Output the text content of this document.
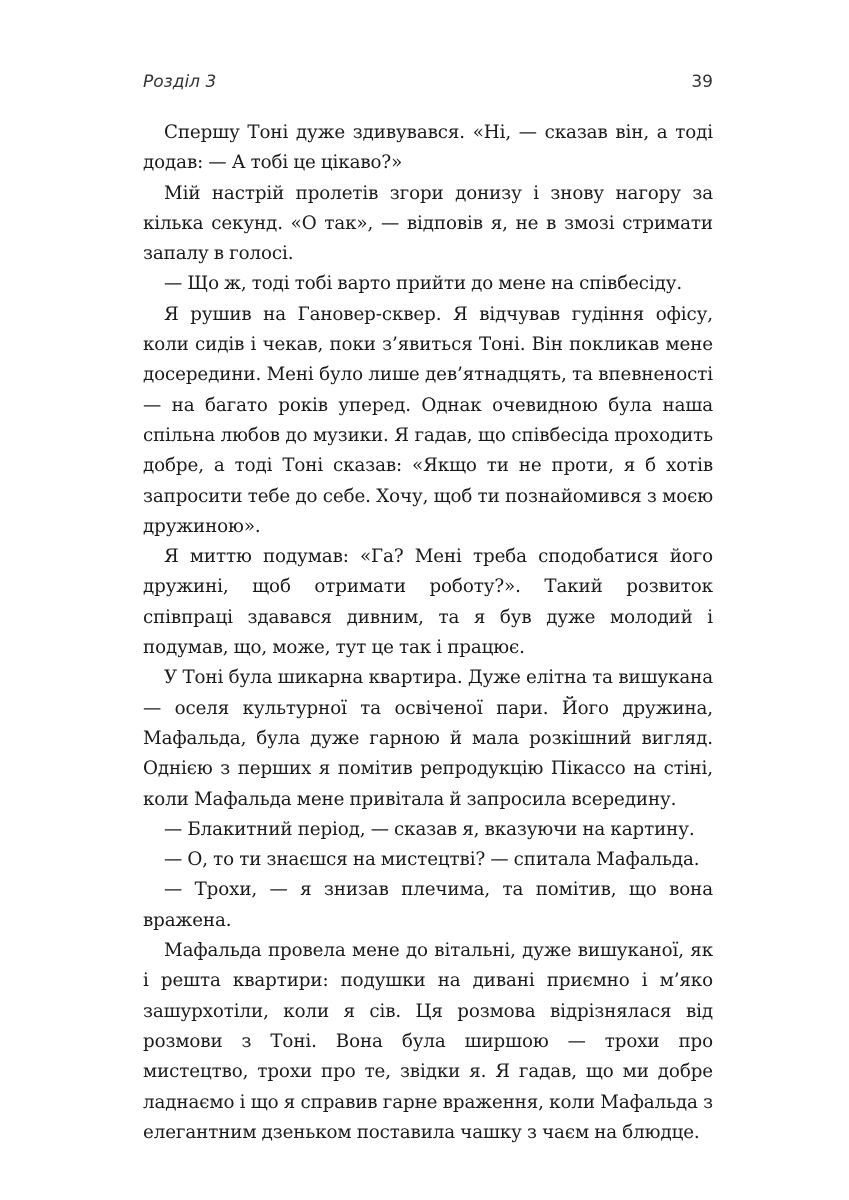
Розділ 3	39

Спершу Тоні дуже здивувався. «Ні, — сказав він, а тоді додав: — А тобі це цікаво?»

Мій настрій пролетів згори донизу і знову нагору за кілька секунд. «О так», — відповів я, не в змозі стримати запалу в голосі.

— Що ж, тоді тобі варто прийти до мене на співбесіду.

Я рушив на Гановер-сквер. Я відчував гудіння офісу, коли сидів і чекав, поки з’явиться Тоні. Він покликав мене досередини. Мені було лише дев’ятнадцять, та впевненості — на багато років уперед. Однак очевидною була наша спільна любов до музики. Я гадав, що співбесіда проходить добре, а тоді Тоні сказав: «Якщо ти не проти, я б хотів запросити тебе до себе. Хочу, щоб ти познайомився з моєю дружиною».

Я миттю подумав: «Га? Мені треба сподобатися його дружині, щоб отримати роботу?». Такий розвиток співпраці здавався дивним, та я був дуже молодий і подумав, що, може, тут це так і працює.

У Тоні була шикарна квартира. Дуже елітна та вишукана — оселя культурної та освіченої пари. Його дружина, Мафальда, була дуже гарною й мала розкішний вигляд. Однією з перших я помітив репродукцію Пікассо на стіні, коли Мафальда мене привітала й запросила всередину.

— Блакитний період, — сказав я, вказуючи на картину.

— О, то ти знаєшся на мистецтві? — спитала Мафальда.

— Трохи, — я знизав плечима, та помітив, що вона вражена.

Мафальда провела мене до вітальні, дуже вишуканої, як і решта квартири: подушки на дивані приємно і м’яко зашурхотіли, коли я сів. Ця розмова відрізнялася від розмови з Тоні. Вона була ширшою — трохи про мистецтво, трохи про те, звідки я. Я гадав, що ми добре ладнаємо і що я справив гарне враження, коли Мафальда з елегантним дзеньком поставила чашку з чаєм на блюдце.
